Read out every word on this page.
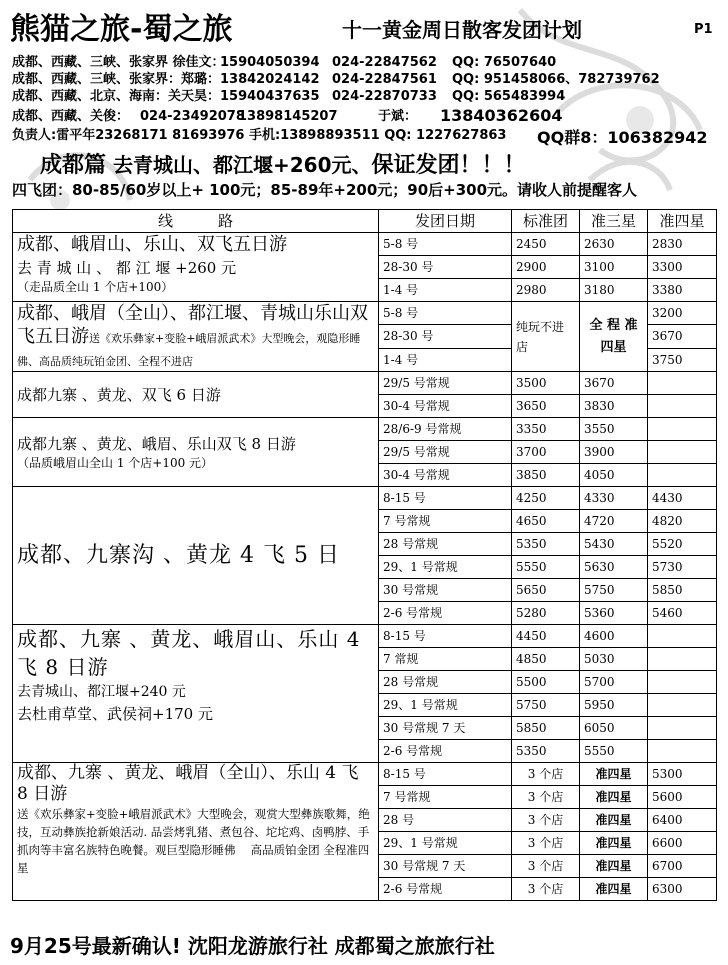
熊猫之旅-蜀之旅	十一黄金周日散客发团计划	P1
成都、西藏、三峡、张家界 徐佳文：15904050394 024-22847562 QQ: 76507640
成都、西藏、三峡、张家界：郑璐：13842024142 024-22847561 QQ: 951458066、782739762
成都、西藏、北京、海南：关天昊：15940437635 024-22870733 QQ: 565483994
成都、西藏、关俊： 024-2349207813898145207	于斌： 13840362604
负责人:雷平年23268171 81693976 手机:13898893511 QQ: 1227627863 QQ群8：106382942
成都篇 去青城山、都江堰+260元、保证发团！！！
四飞团：80-85/60岁以上+ 100元；85-89年+200元；90后+300元。请收人前提醒客人
线　　　路	发团日期	标准团	准三星	准四星

成都、峨眉山、乐山、双飞五日游
去 青 城 山 、 都 江 堰 +260 元
（走品质全山 1 个店+100）	5-8 号	2450	2630	2830
	28-30 号	2900	3100	3300
	1-4 号	2980	3180	3380

成都、峨眉（全山）、都江堰、青城山乐山双飞五日游送《欢乐彝家+变脸+峨眉派武术》大型晚会，观隐形睡佛、高品质纯玩铂金团、全程不进店	5-8 号	纯玩不进店	全 程 准四星	3200
	28-30 号			3670
	1-4 号			3750

成都九寨 、黄龙、双飞 6 日游	29/5 号常规	3500	3670	
	30-4 号常规	3650	3830	

成都九寨 、黄龙、峨眉、乐山双飞 8 日游
（品质峨眉山全山 1 个店+100 元）	28/6-9 号常规	3350	3550	
	29/5 号常规	3700	3900	
	30-4 号常规	3850	4050	

成都、九寨沟 、黄龙 4 飞 5 日	8-15 号	4250	4330	4430
	7 号常规	4650	4720	4820
	28 号常规	5350	5430	5520
	29、1 号常规	5550	5630	5730
	30 号常规	5650	5750	5850
	2-6 号常规	5280	5360	5460

成都、九寨 、黄龙、峨眉山、乐山 4 飞 8 日游
去青城山、都江堰+240 元
去杜甫草堂、武侯祠+170 元	8-15 号	4450	4600	
	7 常规	4850	5030	
	28 号常规	5500	5700	
	29、1 号常规	5750	5950	
	30 号常规 7 天	5850	6050	
	2-6 号常规	5350	5550	

成都、九寨 、黄龙、峨眉（全山）、乐山 4 飞 8 日游
送《欢乐彝家+变脸+峨眉派武术》大型晚会，观赏大型彝族歌舞，绝技，互动彝族抢新娘活动. 品尝烤乳猪、煮包谷、坨坨鸡、卤鸭脖、手抓肉等丰富名族特色晚餐。观巨型隐形睡佛　 高品质铂金团 全程准四星	8-15 号	3 个店	准四星	5300
	7 号常规	3 个店	准四星	5600
	28 号	3 个店	准四星	6400
	29、1 号常规	3 个店	准四星	6600
	30 号常规 7 天	3 个店	准四星	6700
	2-6 号常规	3 个店	准四星	6300
9月25号最新确认! 沈阳龙游旅行社 成都蜀之旅旅行社
